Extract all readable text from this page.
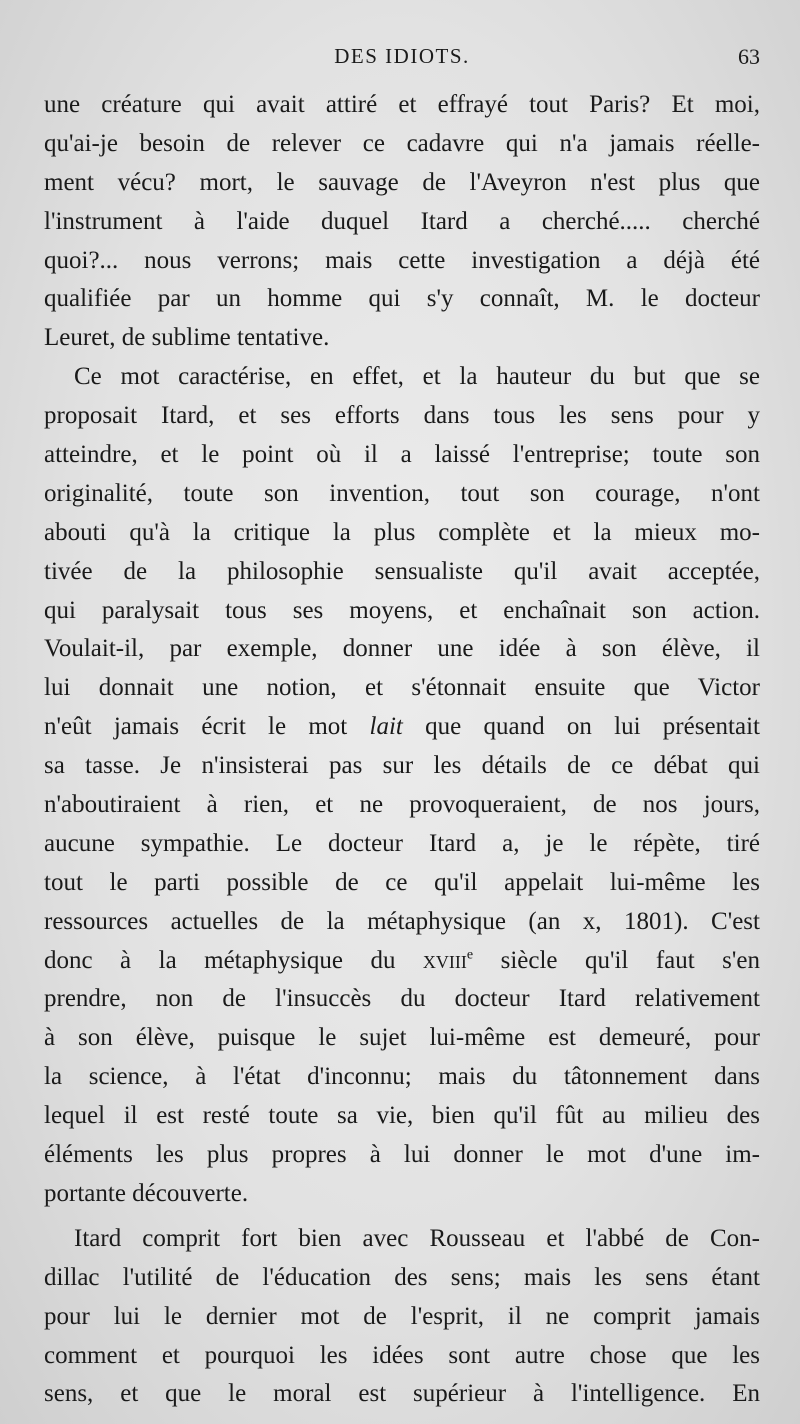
DES IDIOTS.	63
une créature qui avait attiré et effrayé tout Paris? Et moi,
qu'ai-je besoin de relever ce cadavre qui n'a jamais réelle-
ment vécu? mort, le sauvage de l'Aveyron n'est plus que
l'instrument à l'aide duquel Itard a cherché..... cherché
quoi?... nous verrons; mais cette investigation a déjà été
qualifiée par un homme qui s'y connaît, M. le docteur
Leuret, de sublime tentative.
Ce mot caractérise, en effet, et la hauteur du but que se
proposait Itard, et ses efforts dans tous les sens pour y
atteindre, et le point où il a laissé l'entreprise; toute son
originalité, toute son invention, tout son courage, n'ont
abouti qu'à la critique la plus complète et la mieux mo-
tivée de la philosophie sensualiste qu'il avait acceptée,
qui paralysait tous ses moyens, et enchaînait son action.
Voulait-il, par exemple, donner une idée à son élève, il
lui donnait une notion, et s'étonnait ensuite que Victor
n'eût jamais écrit le mot lait que quand on lui présentait
sa tasse. Je n'insisterai pas sur les détails de ce débat qui
n'aboutiraient à rien, et ne provoqueraient, de nos jours,
aucune sympathie. Le docteur Itard a, je le répète, tiré
tout le parti possible de ce qu'il appelait lui-même les
ressources actuelles de la métaphysique (an x, 1801). C'est
donc à la métaphysique du xviii$^e$ siècle qu'il faut s'en
prendre, non de l'insuccès du docteur Itard relativement
à son élève, puisque le sujet lui-même est demeuré, pour
la science, à l'état d'inconnu; mais du tâtonnement dans
lequel il est resté toute sa vie, bien qu'il fût au milieu des
éléments les plus propres à lui donner le mot d'une im-
portante découverte.
Itard comprit fort bien avec Rousseau et l'abbé de Con-
dillac l'utilité de l'éducation des sens; mais les sens étant
pour lui le dernier mot de l'esprit, il ne comprit jamais
comment et pourquoi les idées sont autre chose que les
sens, et que le moral est supérieur à l'intelligence. En
